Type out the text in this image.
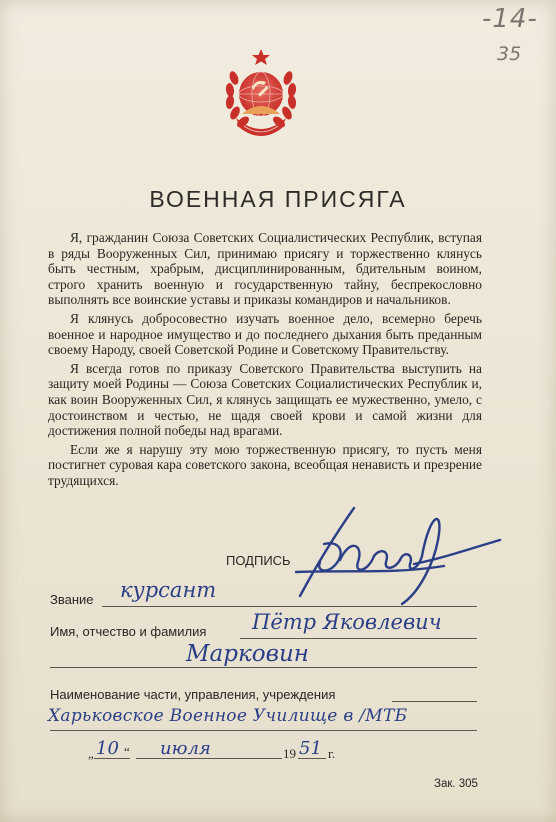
-14-
35
ВОЕННАЯ ПРИСЯГА

Я, гражданин Союза Советских Социалистических Республик, вступая в ряды Вооруженных Сил, принимаю присягу и торжественно клянусь быть честным, храбрым, дисциплинированным, бдительным воином, строго хранить военную и государственную тайну, беспрекословно выполнять все воинские уставы и приказы командиров и начальников.

Я клянусь добросовестно изучать военное дело, всемерно беречь военное и народное имущество и до последнего дыхания быть преданным своему Народу, своей Советской Родине и Советскому Правительству.

Я всегда готов по приказу Советского Правительства выступить на защиту моей Родины — Союза Советских Социалистических Республик и, как воин Вооруженных Сил, я клянусь защищать ее мужественно, умело, с достоинством и честью, не щадя своей крови и самой жизни для достижения полной победы над врагами.

Если же я нарушу эту мою торжественную присягу, то пусть меня постигнет суровая кара советского закона, всеобщая ненависть и презрение трудящихся.

ПОДПИСЬ
Звание курсант
Имя, отчество и фамилия Пётр Яковлевич
Марковин
Наименование части, управления, учреждения
Харьковское Военное Училище в /МТБ
„ 10 “ июля	19 51 г.
Зак. 305
